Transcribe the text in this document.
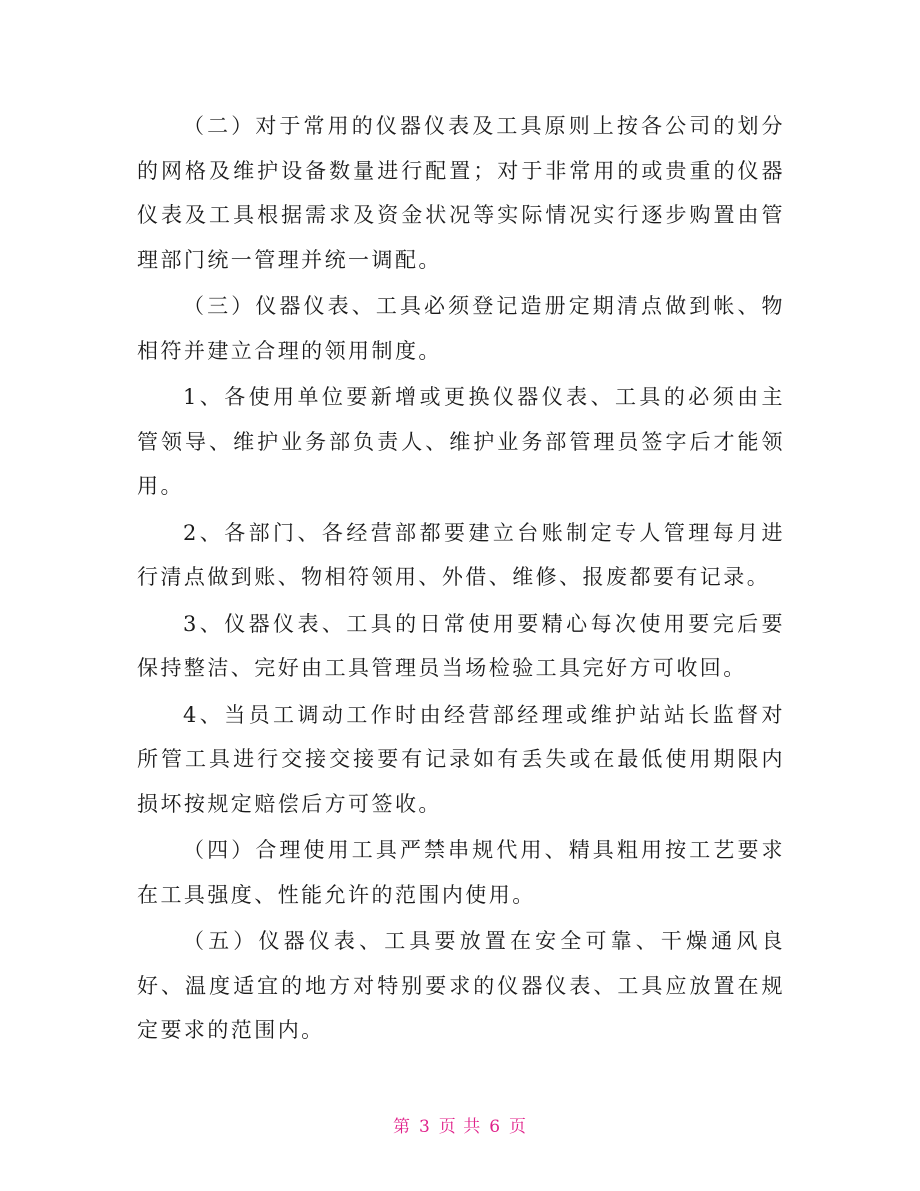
（二）对于常用的仪器仪表及工具原则上按各公司的划分的网格及维护设备数量进行配置；对于非常用的或贵重的仪器仪表及工具根据需求及资金状况等实际情况实行逐步购置由管理部门统一管理并统一调配。

（三）仪器仪表、工具必须登记造册定期清点做到帐、物相符并建立合理的领用制度。

1、各使用单位要新增或更换仪器仪表、工具的必须由主管领导、维护业务部负责人、维护业务部管理员签字后才能领用。

2、各部门、各经营部都要建立台账制定专人管理每月进行清点做到账、物相符领用、外借、维修、报废都要有记录。

3、仪器仪表、工具的日常使用要精心每次使用要完后要保持整洁、完好由工具管理员当场检验工具完好方可收回。

4、当员工调动工作时由经营部经理或维护站站长监督对所管工具进行交接交接要有记录如有丢失或在最低使用期限内损坏按规定赔偿后方可签收。

（四）合理使用工具严禁串规代用、精具粗用按工艺要求在工具强度、性能允许的范围内使用。

（五）仪器仪表、工具要放置在安全可靠、干燥通风良好、温度适宜的地方对特别要求的仪器仪表、工具应放置在规定要求的范围内。

第 3 页 共 6 页
